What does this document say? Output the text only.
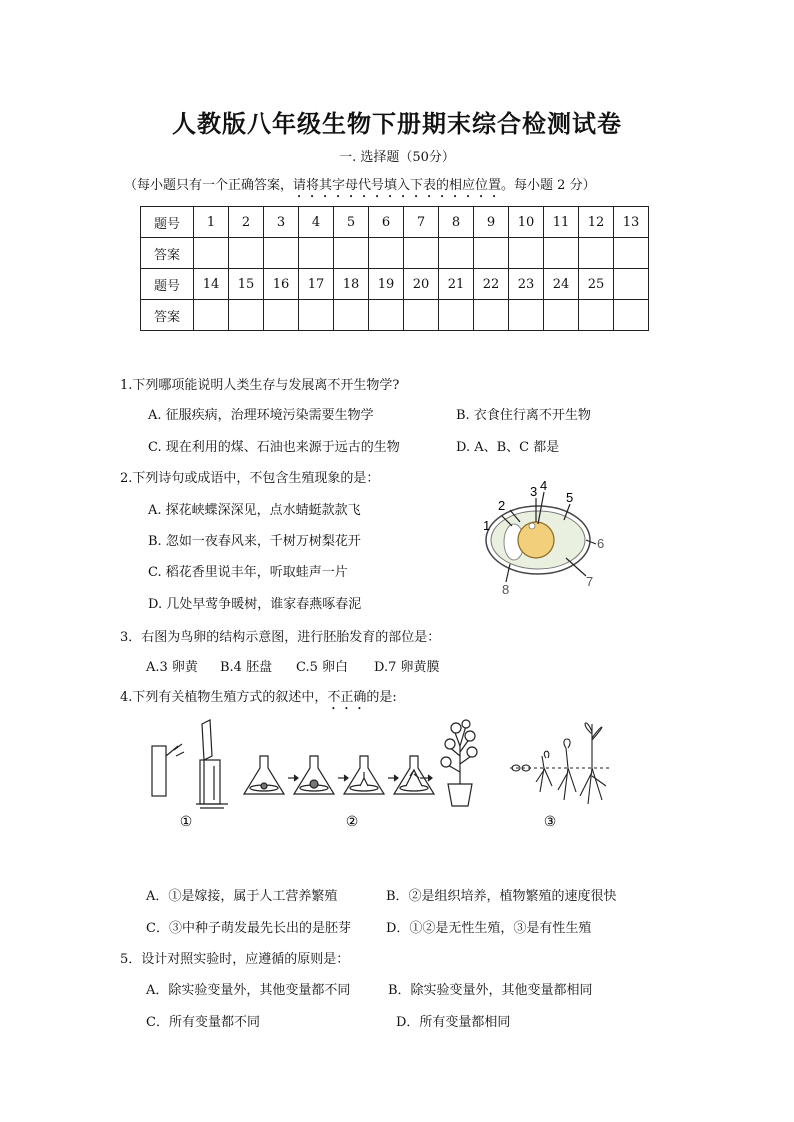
人教版八年级生物下册期末综合检测试卷
一. 选择题（50分）
（每小题只有一个正确答案，请将其字母代号填入下表的相应位置。每小题 2 分）
题号	1	2	3	4	5	6	7	8	9	10	11	12	13
答案													
题号	14	15	16	17	18	19	20	21	22	23	24	25	
答案													
1.下列哪项能说明人类生存与发展离不开生物学?
A. 征服疾病，治理环境污染需要生物学	B. 衣食住行离不开生物
C. 现在利用的煤、石油也来源于远古的生物	D. A、B、C 都是
2.下列诗句或成语中，不包含生殖现象的是：
A. 探花峡蝶深深见，点水蜻蜓款款飞
B. 忽如一夜春风来，千树万树梨花开
C. 稻花香里说丰年，听取蛙声一片
D. 几处早莺争暖树，谁家春燕啄春泥
1
2
3 4
5
6
7
8
3．右图为鸟卵的结构示意图，进行胚胎发育的部位是：
A.3 卵黄 B.4 胚盘 C.5 卵白 D.7 卵黄膜
4.下列有关植物生殖方式的叙述中，不正确的是:
①	②	③
A．①是嫁接，属于人工营养繁殖	B．②是组织培养，植物繁殖的速度很快
C．③中种子萌发最先长出的是胚芽	D．①②是无性生殖，③是有性生殖
5．设计对照实验时，应遵循的原则是：
A．除实验变量外，其他变量都不同	B．除实验变量外，其他变量都相同
C．所有变量都不同	D．所有变量都相同
